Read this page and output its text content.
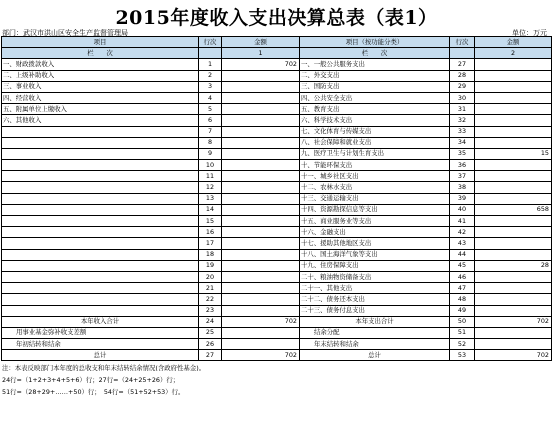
2015年度收入支出决算总表（表1）
部门：武汉市洪山区安全生产监督管理局	单位：万元
项目	行次	金额	项目（按功能分类）	行次	金额
栏　　次		1	栏　　次		2
一、财政拨款收入	1	702	一、一般公共服务支出	27	
二、上级补助收入	2		二、外交支出	28	
三、事业收入	3		三、国防支出	29	
四、经营收入	4		四、公共安全支出	30	
五、附属单位上缴收入	5		五、教育支出	31	
六、其他收入	6		六、科学技术支出	32	
	7		七、文化体育与传媒支出	33	
	8		八、社会保障和就业支出	34	
	9		九、医疗卫生与计划生育支出	35	15
	10		十、节能环保支出	36	
	11		十一、城乡社区支出	37	
	12		十二、农林水支出	38	
	13		十三、交通运输支出	39	
	14		十四、资源勘探信息等支出	40	658
	15		十五、商业服务业等支出	41	
	16		十六、金融支出	42	
	17		十七、援助其他地区支出	43	
	18		十八、国土海洋气象等支出	44	
	19		十九、住房保障支出	45	28
	20		二十、粮油物资储备支出	46	
	21		二十一、其他支出	47	
	22		二十二、债务还本支出	48	
	23		二十三、债务付息支出	49	
本年收入合计	24	702	本年支出合计	50	702
用事业基金弥补收支差额	25		结余分配	51	
年初结转和结余	26		年末结转和结余	52	
总计	27	702	总计	53	702
注：本表反映部门本年度的总收支和年末结转结余情况(含政府性基金)。
24行=（1+2+3+4+5+6）行；27行=（24+25+26）行；
51行=（28+29+……+50）行；　54行=（51+52+53）行。
